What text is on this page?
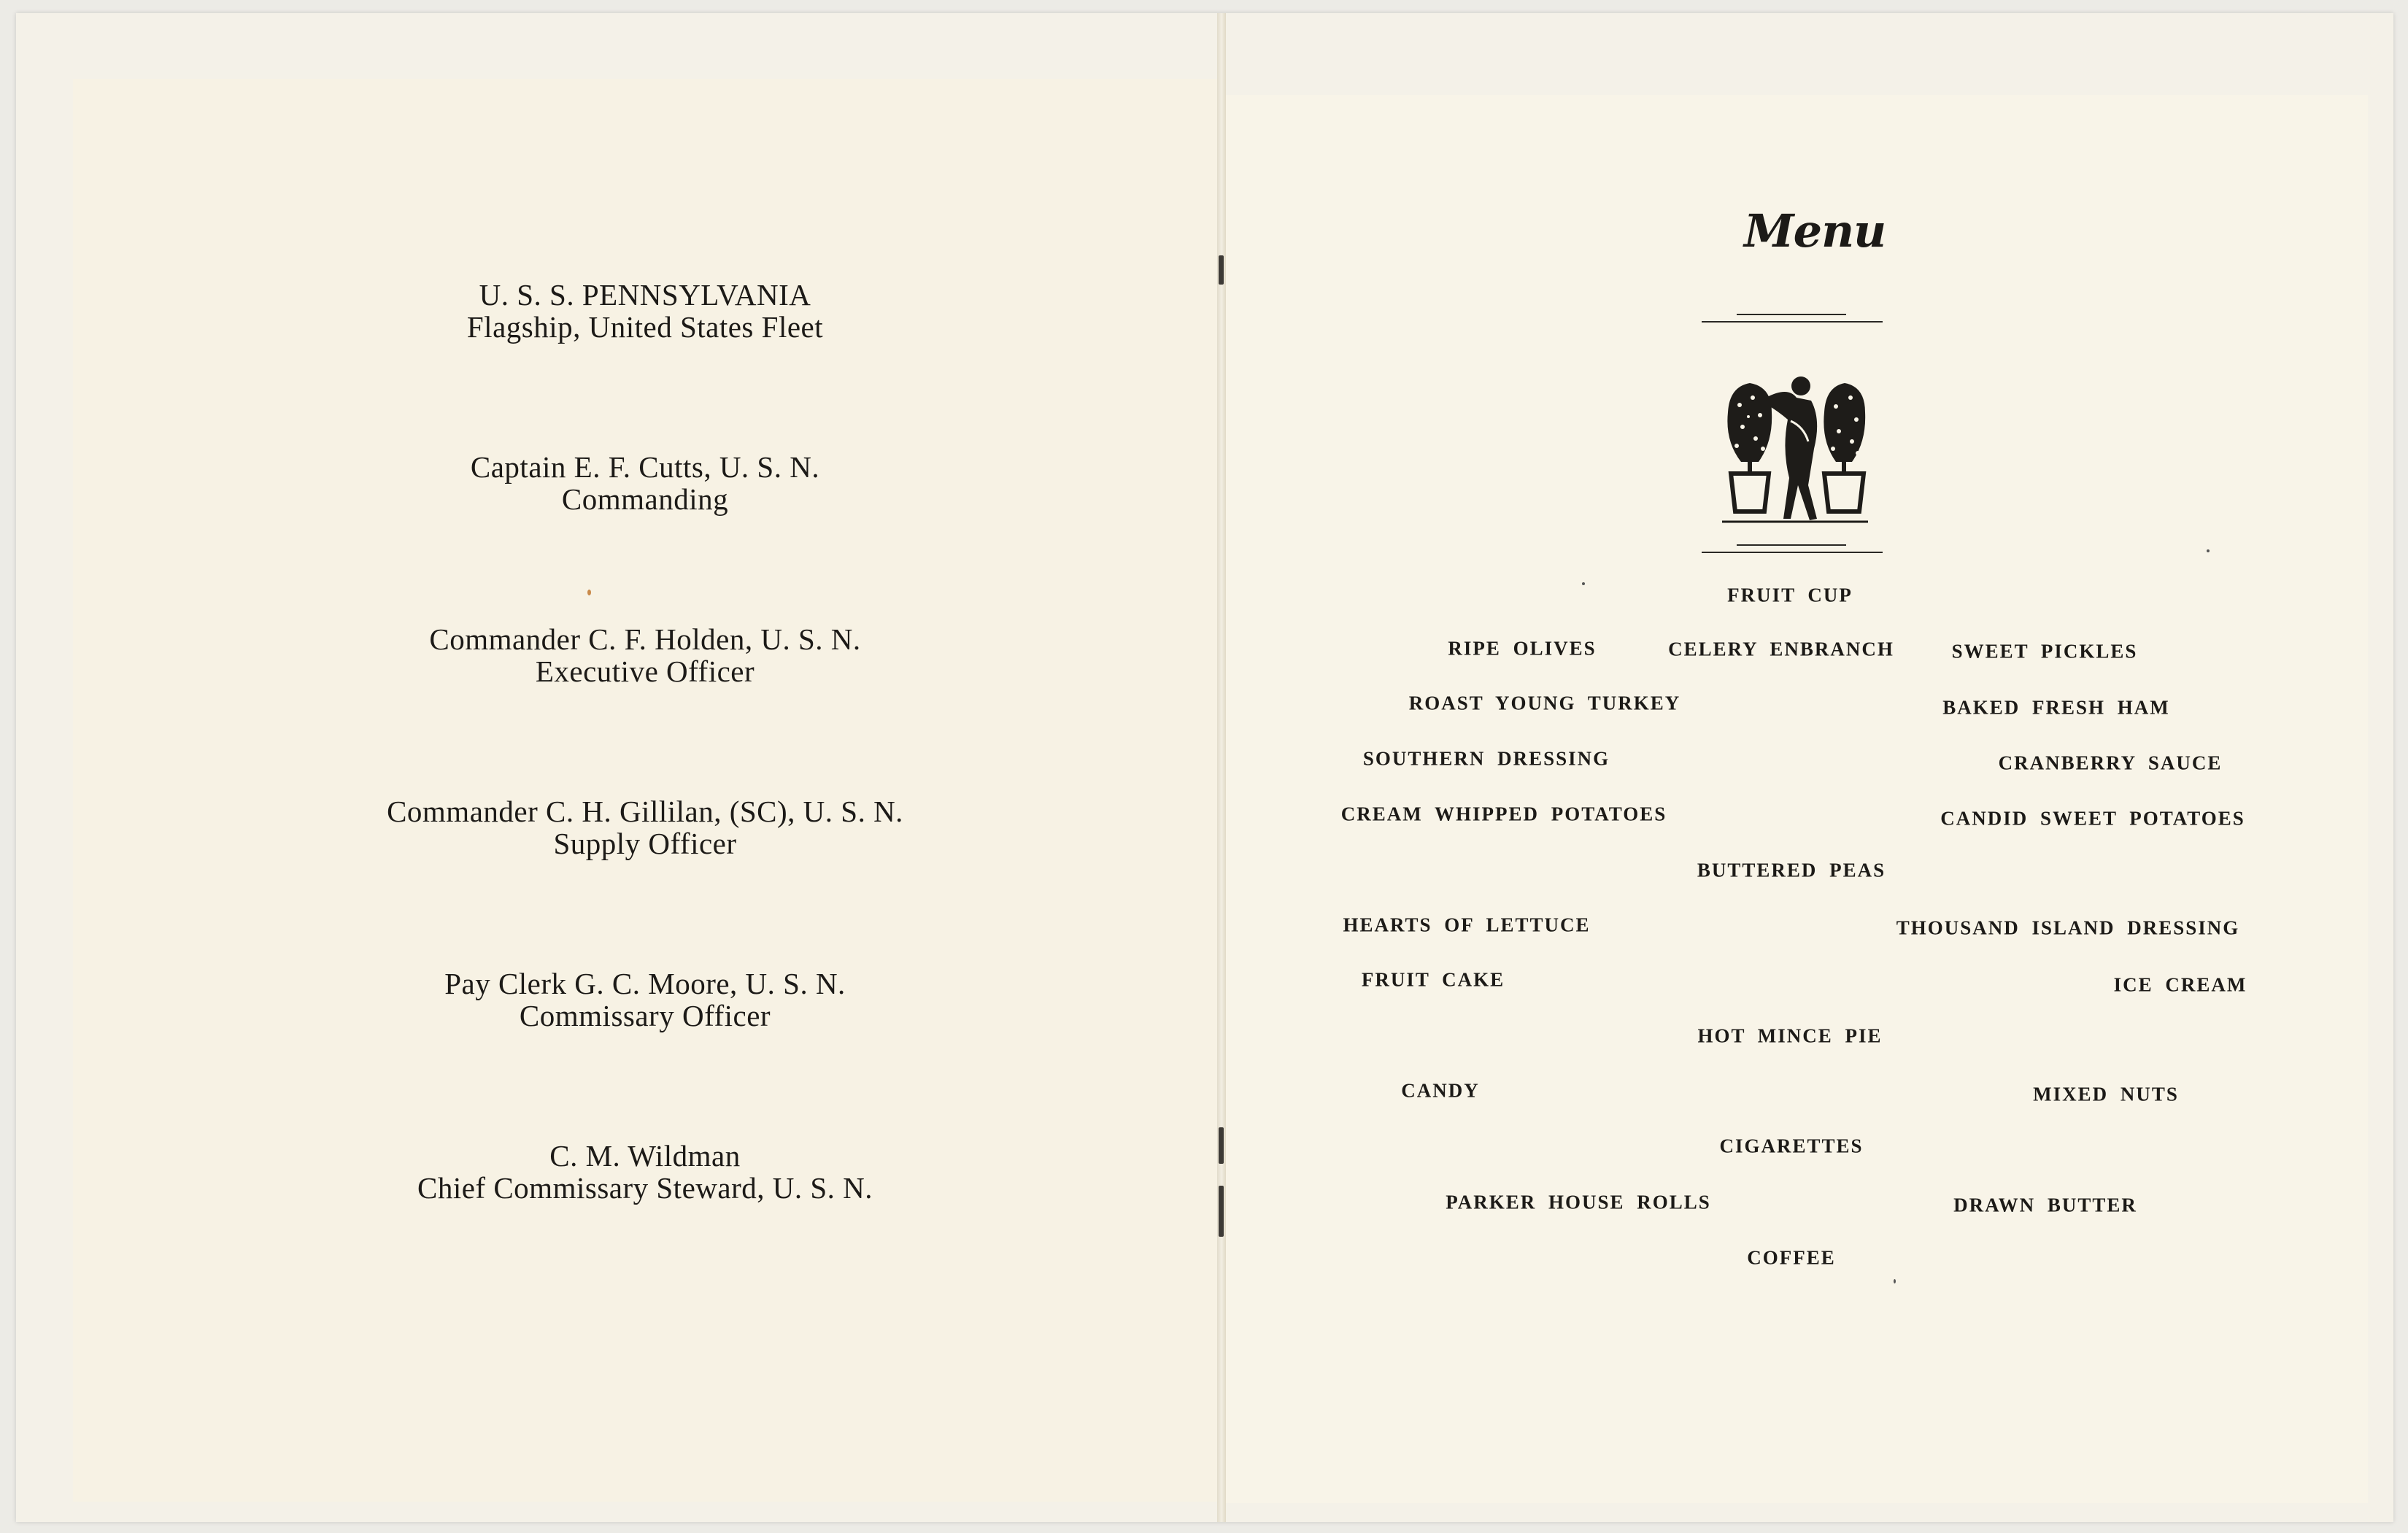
U. S. S. PENNSYLVANIA
Flagship, United States Fleet
Captain E. F. Cutts, U. S. N.
Commanding
Commander C. F. Holden, U. S. N.
Executive Officer
Commander C. H. Gillilan, (SC), U. S. N.
Supply Officer
Pay Clerk G. C. Moore, U. S. N.
Commissary Officer
C. M. Wildman
Chief Commissary Steward, U. S. N.
Menu
FRUIT CUP
RIPE OLIVES	CELERY ENBRANCH	SWEET PICKLES
ROAST YOUNG TURKEY	BAKED FRESH HAM
SOUTHERN DRESSING	CRANBERRY SAUCE
CREAM WHIPPED POTATOES	CANDID SWEET POTATOES
BUTTERED PEAS
HEARTS OF LETTUCE	THOUSAND ISLAND DRESSING
FRUIT CAKE	ICE CREAM
HOT MINCE PIE
CANDY	MIXED NUTS
CIGARETTES
PARKER HOUSE ROLLS	DRAWN BUTTER
COFFEE
